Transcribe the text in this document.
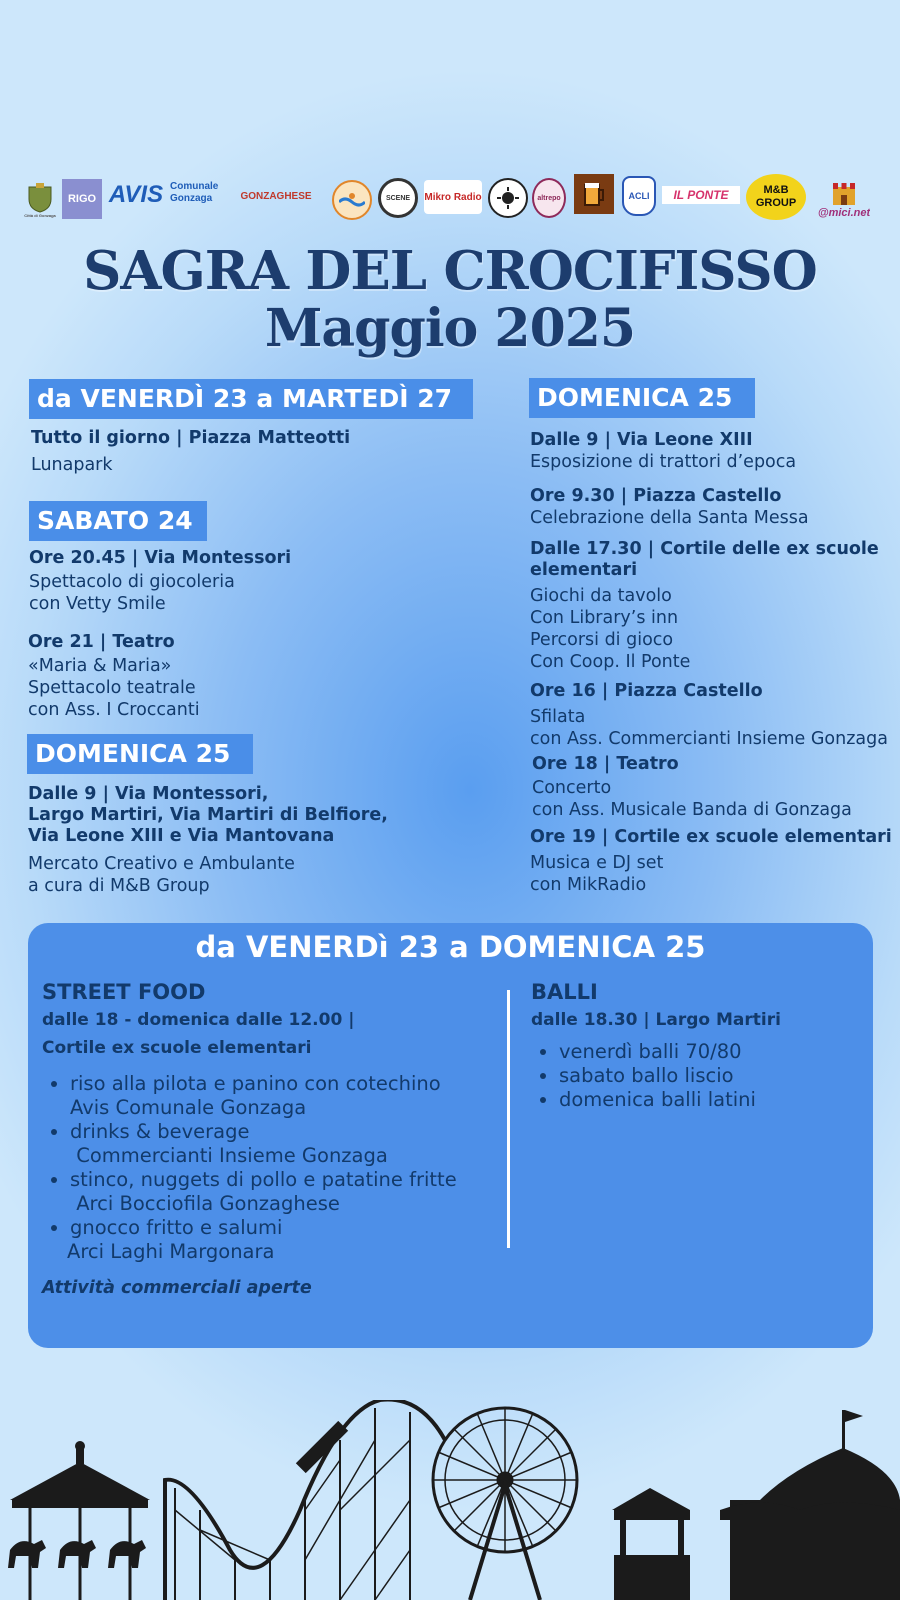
Città di Gonzaga
RIGO AVIS Comunale Gonzaga	GONZAGHESE	SCENE Mikro Radio	altrepo	ACLI IL PONTE	M&B GROUP
@mici.net
SAGRA DEL CROCIFISSO
Maggio 2025
da VENERDÌ 23 a MARTEDÌ 27
Tutto il giorno | Piazza Matteotti
Lunapark
SABATO 24
Ore 20.45 | Via Montessori
Spettacolo di giocoleria
con Vetty Smile
Ore 21 | Teatro
«Maria & Maria»
Spettacolo teatrale
con Ass. I Croccanti
DOMENICA 25
Dalle 9 | Via Montessori,
Largo Martiri, Via Martiri di Belfiore,
Via Leone XIII e Via Mantovana
Mercato Creativo e Ambulante
a cura di M&B Group
DOMENICA 25
Dalle 9 | Via Leone XIII
Esposizione di trattori d’epoca
Ore 9.30 | Piazza Castello
Celebrazione della Santa Messa
Dalle 17.30 | Cortile delle ex scuole
elementari
Giochi da tavolo
Con Library’s inn
Percorsi di gioco
Con Coop. Il Ponte
Ore 16 | Piazza Castello
Sfilata
con Ass. Commercianti Insieme Gonzaga
Ore 18 | Teatro
Concerto
con Ass. Musicale Banda di Gonzaga
Ore 19 | Cortile ex scuole elementari
Musica e DJ set
con MikRadio
da VENERDì 23 a DOMENICA 25
STREET FOOD
dalle 18 - domenica dalle 12.00 |
Cortile ex scuole elementari
• riso alla pilota e panino con cotechino
Avis Comunale Gonzaga
• drinks & beverage
Commercianti Insieme Gonzaga
• stinco, nuggets di pollo e patatine fritte
Arci Bocciofila Gonzaghese
• gnocco fritto e salumi
Arci Laghi Margonara
BALLI
dalle 18.30 | Largo Martiri
• venerdì balli 70/80
• sabato ballo liscio
• domenica balli latini
Attività commerciali aperte
